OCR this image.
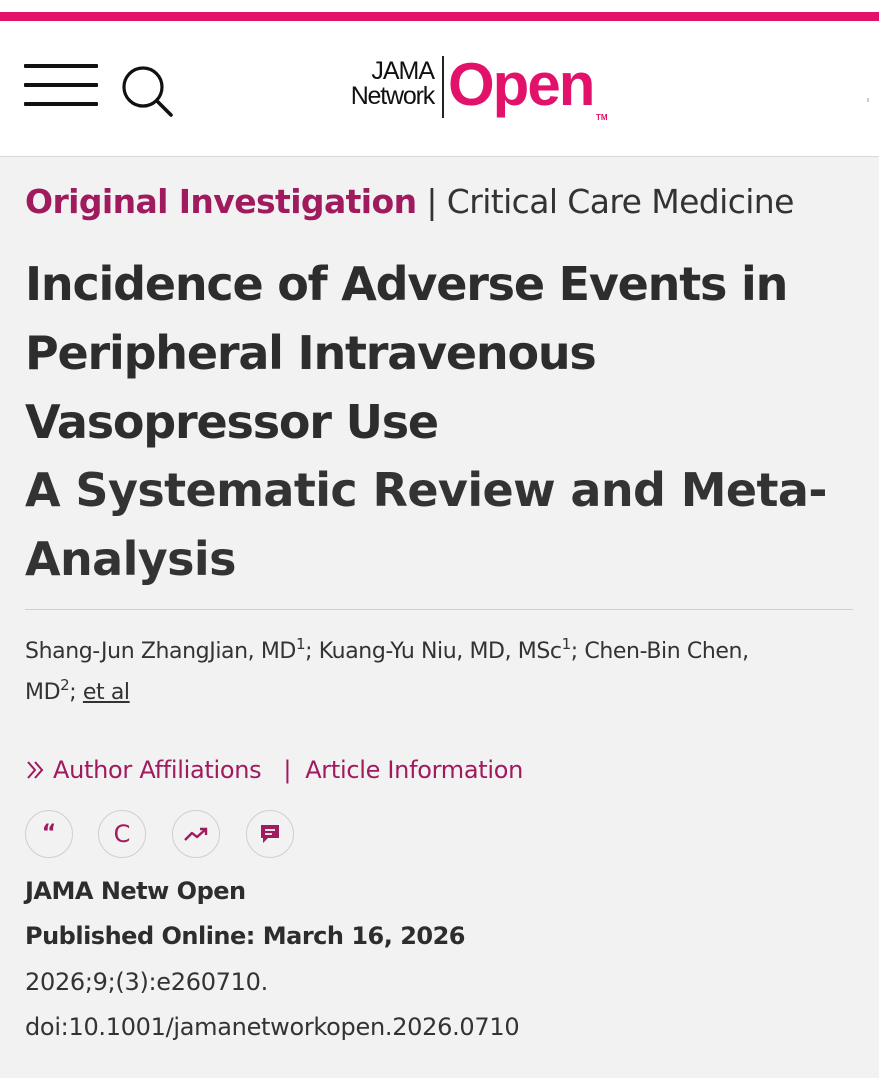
JAMA
Network Open TM
Original Investigation | Critical Care Medicine
Incidence of Adverse Events in Peripheral Intravenous Vasopressor Use
A Systematic Review and Meta-Analysis
Shang-Jun ZhangJian, $MD^1$; Kuang-Yu Niu, MD, MSc$^1$; Chen-Bin Chen, $MD^2$; et al
Author Affiliations | Article Information
“ C
JAMA Netw Open
Published Online: March 16, 2026
2026;9;(3):e260710.
doi:10.1001/jamanetworkopen.2026.0710
